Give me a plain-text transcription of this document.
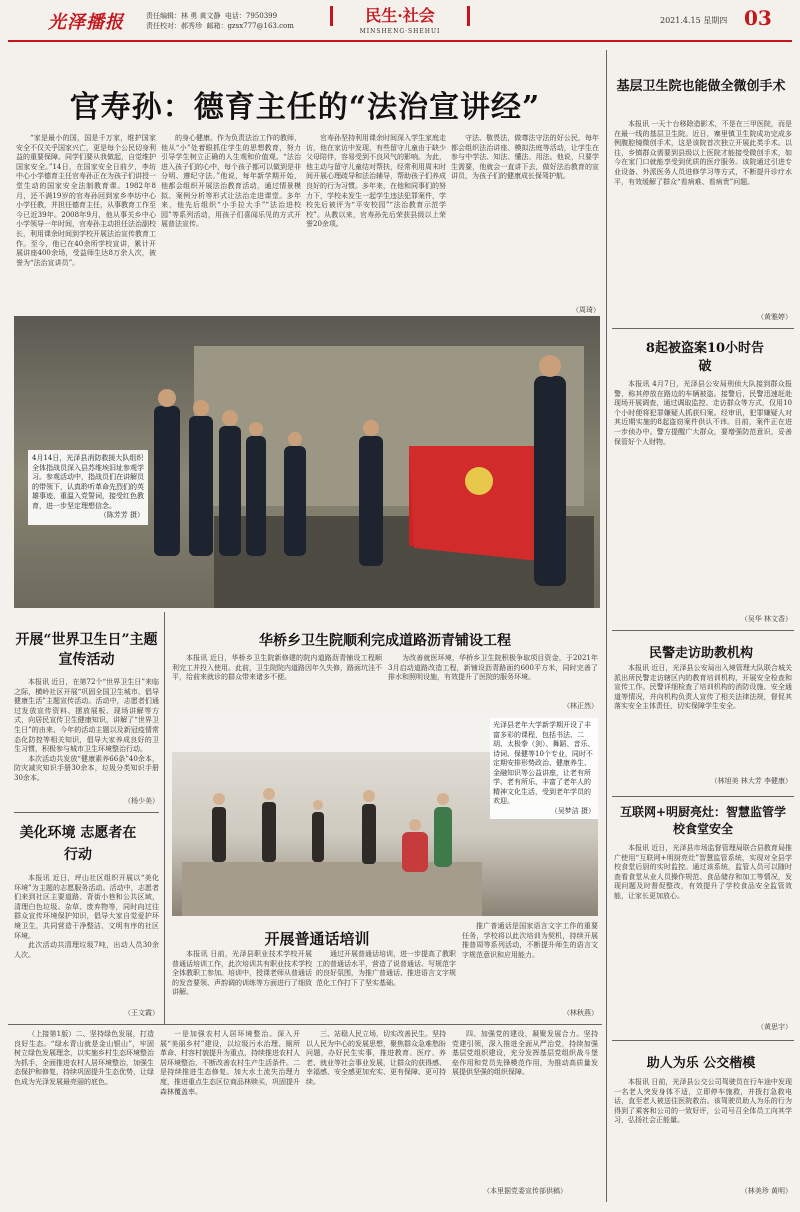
光泽播报	责任编辑：林 勇 黄文静 电话：7950399
责任校对：郝秀珍 邮箱：gzsx777@163.com
民生·社会
MINSHENG·SHEHUI
2021.4.15 星期四 03
官寿孙：德育主任的“法治宣讲经”

“家是最小的国，国是千万家，维护国家安全不仅关乎国家兴亡，更是每个公民切身利益的重要保障。同学们要从我做起，自觉维护国家安全。”14日，在国家安全日前夕，李坊中心小学德育主任官寿孙正在为孩子们讲授一堂生动的国家安全法制教育课。1982年8月，还不满19岁的官寿孙回到家乡李坊中心小学任教，并担任德育主任，从事教育工作至今已近39年。2008年9月，他从事关乡中心小学领导一年时间，官寿孙主动担任法治副校长，利用课余时间到学校开展法治宣传教育工作。至今，他已在40余所学校宣讲，累计开展讲座400余场，受益师生达8万余人次，被誉为“法治宣讲员”。

的身心健康。作为负责法治工作的教师，他从“小”处着眼抓住学生的思想教育，努力引导学生树立正确的人生观和价值观。“法治进入孩子们的心中，每个孩子都可以做到是非分明、遵纪守法。”他说，每年新学期开始，他都会组织开展法治教育活动，通过情景模拟、案例分析等形式让法治走进课堂。多年来，他先后组织“小手拉大手”“法治进校园”等系列活动，用孩子们喜闻乐见的方式开展普法宣传。

官寿孙坚持利用课余时间深入学生家庭走访，他在家访中发现，有些留守儿童由于缺少父母陪伴，容易受到不良风气的影响。为此，他主动与留守儿童结对帮扶，经常利用周末时间开展心理疏导和法治辅导，帮助孩子们养成良好的行为习惯。多年来，在他和同事们的努力下，学校未发生一起学生违法犯罪案件，学校先后被评为“平安校园”“法治教育示范学校”。从教以来，官寿孙先后荣获县级以上荣誉20余项。

守法、敬畏法，做尊法守法的好公民，每年都会组织法治讲座、模拟法庭等活动，让学生在参与中学法、知法、懂法、用法。他说，只要学生需要，他就会一直讲下去，做好法治教育的宣讲员，为孩子们的健康成长保驾护航。

（周琦）
4月14日，光泽县消防救援大队组织全体指战员深入县苏维埃旧址参观学习。参观活动中，指战员们在讲解员的带领下，认真聆听革命先烈们的英雄事迹，重温入党誓词，接受红色教育，进一步坚定理想信念。
（陈芳芳 摄）
开展“世界卫生日”主题宣传活动

本报讯 近日，在第72个“世界卫生日”来临之际，横岭社区开展“巩固全国卫生城市、倡导健康生活”主题宣传活动。活动中，志愿者们通过发放宣传资料、摆放展板、现场讲解等方式，向居民宣传卫生健康知识，讲解了“世界卫生日”的由来、今年的活动主题以及新冠疫情常态化防控等相关知识，倡导大家养成良好的卫生习惯，积极参与城市卫生环境整治行动。

本次活动共发放“健康素养66条”40余本，防灾减灾知识手册30余本，垃圾分类知识手册30余本。

（杨少美）
美化环境 志愿者在行动

本报讯 近日，坪山社区组织开展以“美化环境”为主题的志愿服务活动。活动中，志愿者们来到社区主要道路、背街小巷和公共区域，清理白色垃圾、杂草、废弃物等，同时向过往群众宣传环境保护知识，倡导大家自觉爱护环境卫生，共同营造干净整洁、文明有序的社区环境。

此次活动共清理垃圾7吨，出动人员30余人次。

（王文霞）
华桥乡卫生院顺利完成道路沥青铺设工程

本报讯 近日，华桥乡卫生院新修建的院内道路沥青铺设工程顺利完工并投入使用。此前，卫生院院内道路因年久失修，路面坑洼不平，给前来就诊的群众带来诸多不便。

为改善就医环境，华桥乡卫生院积极争取项目资金，于2021年3月启动道路改造工程，新铺设沥青路面约600平方米，同时完善了排水和照明设施，有效提升了医院的服务环境。

（林正然）
光泽县老年大学新学期开设了丰富多彩的课程，包括书法、二胡、太极拳（剑）、舞蹈、音乐、诗词、保健等10个专业，同时不定期安排形势政治、健康养生、金融知识等公益讲座，让老有所学、老有所乐，丰富了老年人的精神文化生活，受到老年学员的欢迎。
（吴梦洁 摄）
开展普通话培训

本报讯 日前，光泽县职业技术学校开展普通话培训工作，此次培训共有职业技术学校全体教职工参加。培训中，授课老师从普通话的发音要领、声韵调的训练等方面进行了细致讲解。

通过开展普通话培训，进一步提高了教职工的普通话水平，营造了说普通话、写规范字的良好氛围，为推广普通话、推进语言文字规范化工作打下了坚实基础。

推广普通话是国家语言文字工作的重要任务，学校将以此次培训为契机，持续开展推普周等系列活动，不断提升师生的语言文字规范意识和应用能力。

（林秋燕）

（上接第1版）二、坚持绿色发展，打造良好生态。“绿水青山就是金山银山”，牢固树立绿色发展理念，以实施乡村生态环境整治为抓手，全面推进农村人居环境整治，加强生态保护和修复，持续巩固提升生态优势，让绿色成为光泽发展最亮丽的底色。

一是加强农村人居环境整治。深入开展“美丽乡村”建设，以垃圾污水治理、厕所革命、村容村貌提升为重点，持续推进农村人居环境整治，不断改善农村生产生活条件。二是持续推进生态修复。加大水土流失治理力度，推进重点生态区位商品林赎买，巩固提升森林覆盖率。

三、站稳人民立场，切实改善民生。坚持以人民为中心的发展思想，聚焦群众急难愁盼问题，办好民生实事，推进教育、医疗、养老、就业等社会事业发展，让群众的获得感、幸福感、安全感更加充实、更有保障、更可持续。

四、加强党的建设，凝聚发展合力。坚持党建引领，深入推进全面从严治党，持续加强基层党组织建设，充分发挥基层党组织战斗堡垒作用和党员先锋模范作用，为推动高质量发展提供坚强的组织保障。

（本里据党委宣传部供稿）
基层卫生院也能做全微创手术

本报讯 一天十台移除造影术，不是在三甲医院，而是在最一线的基层卫生院。近日，寨里镇卫生院成功完成多例腹腔镜微创手术，这是该院首次独立开展此类手术。以往，乡镇群众需要到县级以上医院才能接受微创手术，如今在家门口就能享受到优质的医疗服务。该院通过引进专业设备、外派医务人员进修学习等方式，不断提升诊疗水平，有效缓解了群众“看病难、看病贵”问题。

（黄雅婷）
8起被盗案10小时告破

本报讯 4月7日，光泽县公安局刑侦大队接到群众报警，称其停放在路边的车辆被盗。接警后，民警迅速赶赴现场开展调查，通过调取监控、走访群众等方式，仅用10个小时便将犯罪嫌疑人抓获归案。经审讯，犯罪嫌疑人对其近期实施的8起盗窃案件供认不讳。目前，案件正在进一步侦办中。警方提醒广大群众，要增强防范意识，妥善保管好个人财物。

（吴华 林文香）
民警走访助教机构

本报讯 近日，光泽县公安局出入境管理大队联合城关派出所民警走访辖区内的教育培训机构，开展安全检查和宣传工作。民警详细检查了培训机构的消防设施、安全通道等情况，并向机构负责人宣传了相关法律法规，督促其落实安全主体责任，切实保障学生安全。

（林旭美 林大芳 李健康）
互联网+明厨亮灶：智慧监管学校食堂安全

本报讯 近日，光泽县市场监督管理局联合县教育局推广使用“互联网+明厨亮灶”智慧监管系统，实现对全县学校食堂后厨的实时监控。通过该系统，监管人员可以随时查看食堂从业人员操作规范、食品储存和加工等情况，发现问题及时督促整改，有效提升了学校食品安全监管效能，让家长更加放心。

（黄思宇）
助人为乐 公交楷模

本报讯 日前，光泽县公交公司驾驶员在行车途中发现一名老人突发身体不适，立即停车施救，并拨打急救电话，直至老人被送往医院救治。该驾驶员助人为乐的行为得到了乘客和公司的一致好评，公司号召全体员工向其学习，弘扬社会正能量。

（林美珍 黄明）
